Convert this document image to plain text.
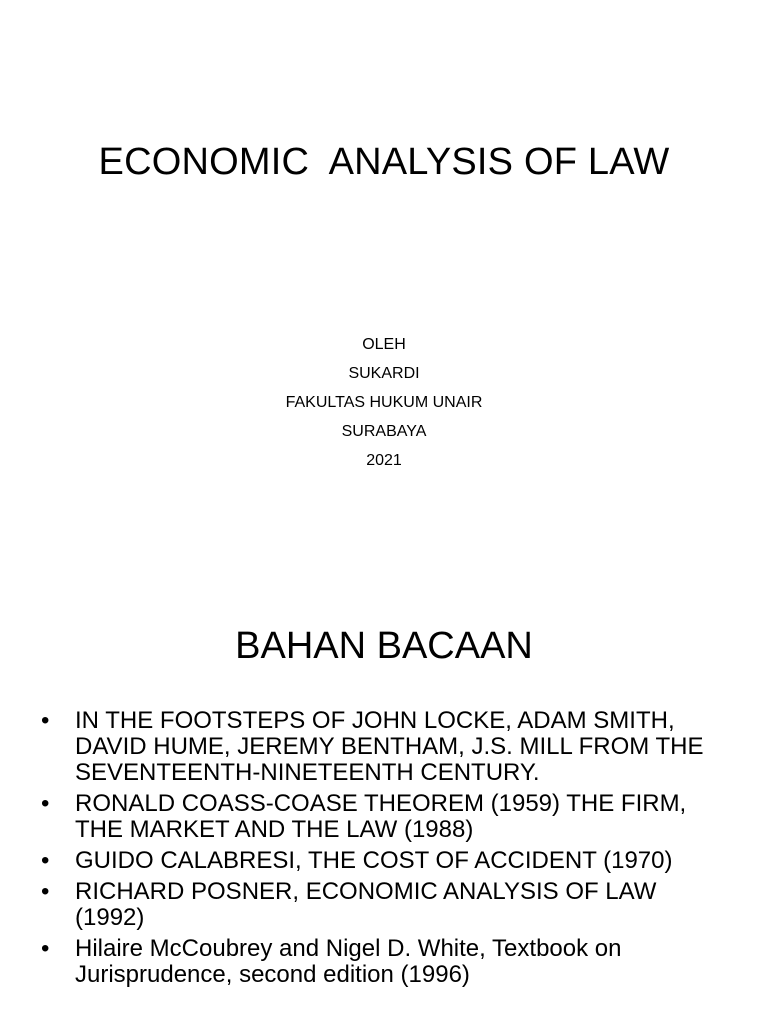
ECONOMIC  ANALYSIS OF LAW
OLEH
SUKARDI
FAKULTAS HUKUM UNAIR
SURABAYA
2021
BAHAN BACAAN
• IN THE FOOTSTEPS OF JOHN LOCKE, ADAM SMITH, DAVID HUME, JEREMY BENTHAM, J.S. MILL FROM THE SEVENTEENTH-NINETEENTH CENTURY.
• RONALD COASS-COASE THEOREM (1959) THE FIRM, THE MARKET AND THE LAW (1988)
• GUIDO CALABRESI, THE COST OF ACCIDENT (1970)
• RICHARD POSNER, ECONOMIC ANALYSIS OF LAW (1992)
• Hilaire McCoubrey and Nigel D. White, Textbook on Jurisprudence, second edition (1996)
